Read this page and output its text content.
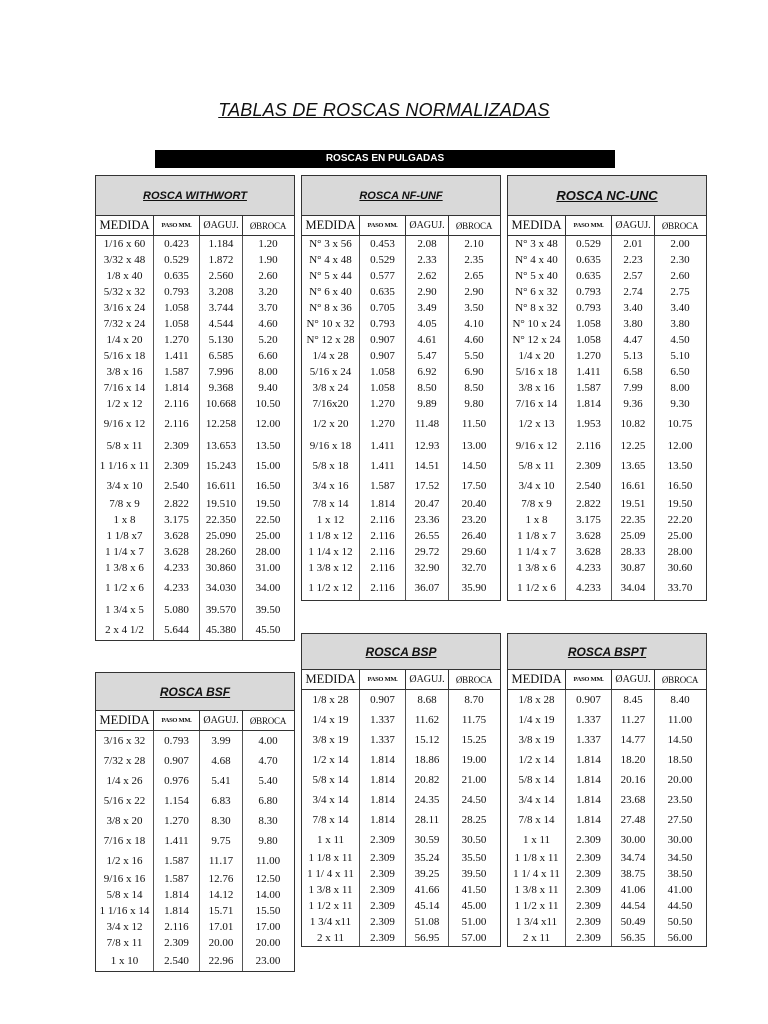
TABLAS DE ROSCAS NORMALIZADAS
ROSCAS EN PULGADAS
ROSCA WITHWORT
MEDIDA	PASO MM.	ØAGUJ.	ØBROCA
1/16 x 60	0.423	1.184	1.20
3/32 x 48	0.529	1.872	1.90
1/8 x 40	0.635	2.560	2.60
5/32 x 32	0.793	3.208	3.20
3/16 x 24	1.058	3.744	3.70
7/32 x 24	1.058	4.544	4.60
1/4 x 20	1.270	5.130	5.20
5/16 x 18	1.411	6.585	6.60
3/8 x 16	1.587	7.996	8.00
7/16 x 14	1.814	9.368	9.40
1/2 x 12	2.116	10.668	10.50
9/16 x 12	2.116	12.258	12.00
5/8 x 11	2.309	13.653	13.50
1 1/16 x 11	2.309	15.243	15.00
3/4 x 10	2.540	16.611	16.50
7/8 x 9	2.822	19.510	19.50
1 x 8	3.175	22.350	22.50
1 1/8 x7	3.628	25.090	25.00
1 1/4 x 7	3.628	28.260	28.00
1 3/8 x 6	4.233	30.860	31.00
1 1/2 x 6	4.233	34.030	34.00
1 3/4 x 5	5.080	39.570	39.50
2 x 4 1/2	5.644	45.380	45.50
ROSCA NF-UNF
MEDIDA	PASO MM.	ØAGUJ.	ØBROCA
N° 3 x 56	0.453	2.08	2.10
N° 4 x 48	0.529	2.33	2.35
N° 5 x 44	0.577	2.62	2.65
N° 6 x 40	0.635	2.90	2.90
N° 8 x 36	0.705	3.49	3.50
N° 10 x 32	0.793	4.05	4.10
N° 12 x 28	0.907	4.61	4.60
1/4 x 28	0.907	5.47	5.50
5/16 x 24	1.058	6.92	6.90
3/8 x 24	1.058	8.50	8.50
7/16x20	1.270	9.89	9.80
1/2 x 20	1.270	11.48	11.50
9/16 x 18	1.411	12.93	13.00
5/8 x 18	1.411	14.51	14.50
3/4 x 16	1.587	17.52	17.50
7/8 x 14	1.814	20.47	20.40
1 x 12	2.116	23.36	23.20
1 1/8 x 12	2.116	26.55	26.40
1 1/4 x 12	2.116	29.72	29.60
1 3/8 x 12	2.116	32.90	32.70
1 1/2 x 12	2.116	36.07	35.90
ROSCA NC-UNC
MEDIDA	PASO MM.	ØAGUJ.	ØBROCA
N° 3 x 48	0.529	2.01	2.00
N° 4 x 40	0.635	2.23	2.30
N° 5 x 40	0.635	2.57	2.60
N° 6 x 32	0.793	2.74	2.75
N° 8 x 32	0.793	3.40	3.40
N° 10 x 24	1.058	3.80	3.80
N° 12 x 24	1.058	4.47	4.50
1/4 x 20	1.270	5.13	5.10
5/16 x 18	1.411	6.58	6.50
3/8 x 16	1.587	7.99	8.00
7/16 x 14	1.814	9.36	9.30
1/2 x 13	1.953	10.82	10.75
9/16 x 12	2.116	12.25	12.00
5/8 x 11	2.309	13.65	13.50
3/4 x 10	2.540	16.61	16.50
7/8 x 9	2.822	19.51	19.50
1 x 8	3.175	22.35	22.20
1 1/8 x 7	3.628	25.09	25.00
1 1/4 x 7	3.628	28.33	28.00
1 3/8 x 6	4.233	30.87	30.60
1 1/2 x 6	4.233	34.04	33.70
ROSCA BSF
MEDIDA	PASO MM.	ØAGUJ.	ØBROCA
3/16 x 32	0.793	3.99	4.00
7/32 x 28	0.907	4.68	4.70
1/4 x 26	0.976	5.41	5.40
5/16 x 22	1.154	6.83	6.80
3/8 x 20	1.270	8.30	8.30
7/16 x 18	1.411	9.75	9.80
1/2 x 16	1.587	11.17	11.00
9/16 x 16	1.587	12.76	12.50
5/8 x 14	1.814	14.12	14.00
1 1/16 x 14	1.814	15.71	15.50
3/4 x 12	2.116	17.01	17.00
7/8 x 11	2.309	20.00	20.00
1 x 10	2.540	22.96	23.00
ROSCA BSP
MEDIDA	PASO MM.	ØAGUJ.	ØBROCA
1/8 x 28	0.907	8.68	8.70
1/4 x 19	1.337	11.62	11.75
3/8 x 19	1.337	15.12	15.25
1/2 x 14	1.814	18.86	19.00
5/8 x 14	1.814	20.82	21.00
3/4 x 14	1.814	24.35	24.50
7/8 x 14	1.814	28.11	28.25
1 x 11	2.309	30.59	30.50
1 1/8 x 11	2.309	35.24	35.50
1 1/ 4 x 11	2.309	39.25	39.50
1 3/8 x 11	2.309	41.66	41.50
1 1/2 x 11	2.309	45.14	45.00
1 3/4 x11	2.309	51.08	51.00
2 x 11	2.309	56.95	57.00
ROSCA BSPT
MEDIDA	PASO MM.	ØAGUJ.	ØBROCA
1/8 x 28	0.907	8.45	8.40
1/4 x 19	1.337	11.27	11.00
3/8 x 19	1.337	14.77	14.50
1/2 x 14	1.814	18.20	18.50
5/8 x 14	1.814	20.16	20.00
3/4 x 14	1.814	23.68	23.50
7/8 x 14	1.814	27.48	27.50
1 x 11	2.309	30.00	30.00
1 1/8 x 11	2.309	34.74	34.50
1 1/ 4 x 11	2.309	38.75	38.50
1 3/8 x 11	2.309	41.06	41.00
1 1/2 x 11	2.309	44.54	44.50
1 3/4 x11	2.309	50.49	50.50
2 x 11	2.309	56.35	56.00
